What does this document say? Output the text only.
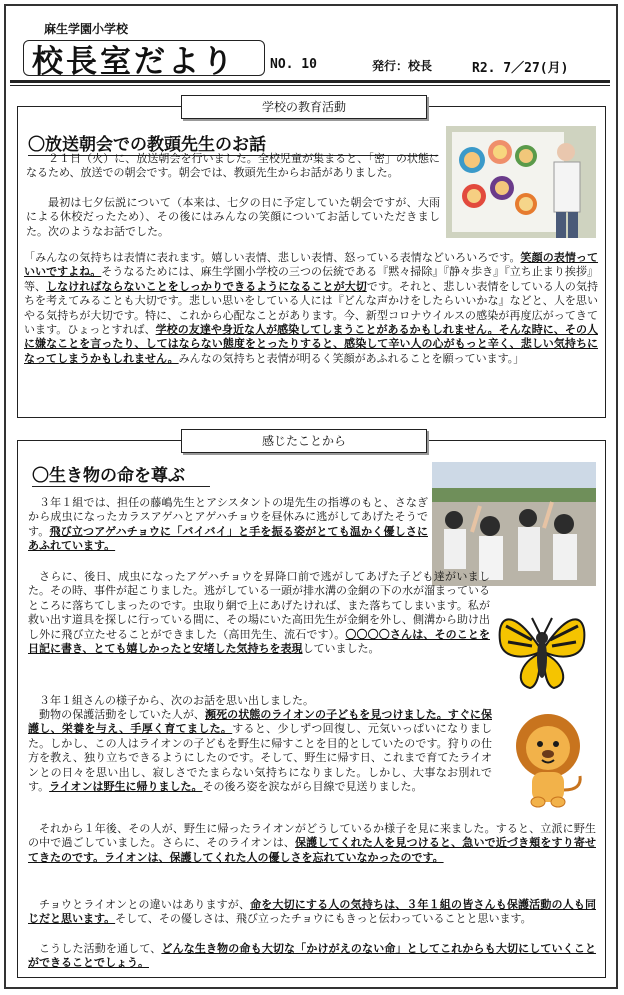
麻生学園小学校
校長室だより	NO. 10	発行：校長	R2. 7／27(月)
学校の教育活動
〇放送朝会での教頭先生のお話

２１日（火）に、放送朝会を行いました。全校児童が集まると、「密」の状態になるため、放送での朝会です。朝会では、教頭先生からお話がありました。

最初は七夕伝説について（本来は、七夕の日に予定していた朝会ですが、大雨による休校だったため）、その後にはみんなの笑顔についてお話していただきました。次のようなお話でした。

「みんなの気持ちは表情に表れます。嬉しい表情、悲しい表情、怒っている表情などいろいろです。笑顔の表情っていいですよね。そうなるためには、麻生学園小学校の三つの伝統である『黙々掃除』『静々歩き』『立ち止まり挨拶』等、しなければならないことをしっかりできるようになることが大切です。それと、悲しい表情をしている人の気持ちを考えてみることも大切です。悲しい思いをしている人には『どんな声かけをしたらいいかな』などと、人を思いやる気持ちが大切です。特に、これから心配なことがあります。今、新型コロナウイルスの感染が再度広がってきています。ひょっとすれば、学校の友達や身近な人が感染してしまうことがあるかもしれません。そんな時に、その人に嫌なことを言ったり、してはならない態度をとったりすると、感染して辛い人の心がもっと辛く、悲しい気持ちになってしまうかもしれません。みんなの気持ちと表情が明るく笑顔があふれることを願っています。」

感じたことから
〇生き物の命を尊ぶ

３年１組では、担任の藤嶋先生とアシスタントの堤先生の指導のもと、さなぎから成虫になったカラスアゲハとアゲハチョウを昼休みに逃がしてあげたそうです。飛び立つアゲハチョウに「バイバイ」と手を振る姿がとても温かく優しさにあふれています。

さらに、後日、成虫になったアゲハチョウを昇降口前で逃がしてあげた子ども達がいました。その時、事件が起こりました。逃がしている一頭が排水溝の金網の下の水が溜まっているところに落ちてしまったのです。虫取り網で上にあげたければ、また落ちてしまいます。私が救い出す道具を探しに行っている間に、その場にいた高田先生が金網を外し、側溝から助け出し外に飛び立たせることができました（高田先生、流石です）。〇〇〇〇さんは、そのことを日記に書き、とても嬉しかったと安堵した気持ちを表現していました。

３年１組さんの様子から、次のお話を思い出しました。

動物の保護活動をしていた人が、瀕死の状態のライオンの子どもを見つけました。すぐに保護し、栄養を与え、手厚く育てました。すると、少しずつ回復し、元気いっぱいになりました。しかし、この人はライオンの子どもを野生に帰すことを目的としていたのです。狩りの仕方を教え、独り立ちできるようにしたのです。そして、野生に帰す日、これまで育てたライオンとの日々を思い出し、寂しさでたまらない気持ちになりました。しかし、大事なお別れです。ライオンは野生に帰りました。その後ろ姿を涙ながら目線で見送りました。

それから１年後、その人が、野生に帰ったライオンがどうしているか様子を見に来ました。すると、立派に野生の中で過ごしていました。さらに、そのライオンは、保護してくれた人を見つけると、急いで近づき頬をすり寄せてきたのです。ライオンは、保護してくれた人の優しさを忘れていなかったのです。

チョウとライオンとの違いはありますが、命を大切にする人の気持ちは、３年１組の皆さんも保護活動の人も同じだと思います。そして、その優しさは、飛び立ったチョウにもきっと伝わっていることと思います。

こうした活動を通して、どんな生き物の命も大切な「かけがえのない命」としてこれからも大切にしていくことができることでしょう。
